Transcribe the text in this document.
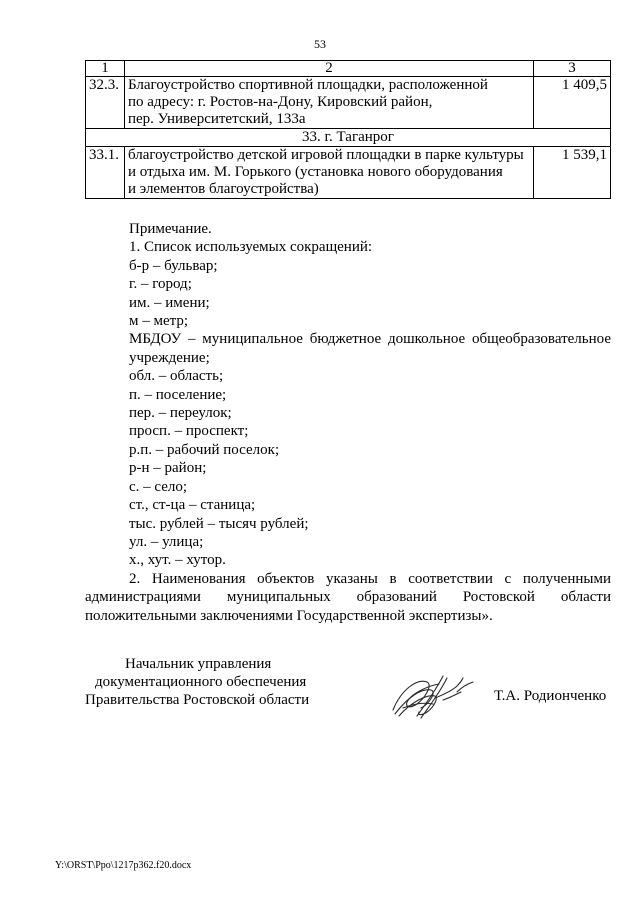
53
1	2	3
32.3.	Благоустройство спортивной площадки, расположенной
по адресу: г. Ростов-на-Дону, Кировский район,
пер. Университетский, 133а	1 409,5
33. г. Таганрог		
33.1.	благоустройство детской игровой площадки в парке культуры
и отдыха им. М. Горького (установка нового оборудования
и элементов благоустройства)	1 539,1

Примечание.

1. Список используемых сокращений:

б-р – бульвар;

г. – город;

им. – имени;

м – метр;

МБДОУ – муниципальное бюджетное дошкольное общеобразовательное учреждение;

обл. – область;

п. – поселение;

пер. – переулок;

просп. – проспект;

р.п. – рабочий поселок;

р-н – район;

с. – село;

ст., ст-ца – станица;

тыс. рублей – тысяч рублей;

ул. – улица;

х., хут. – хутор.

2. Наименования объектов указаны в соответствии с полученными

администрациями муниципальных образований Ростовской области

положительными заключениями Государственной экспертизы».

Начальник управления
документационного обеспечения
Правительства Ростовской области	Т.А. Родионченко
Y:\ORST\Ppo\1217p362.f20.docx
